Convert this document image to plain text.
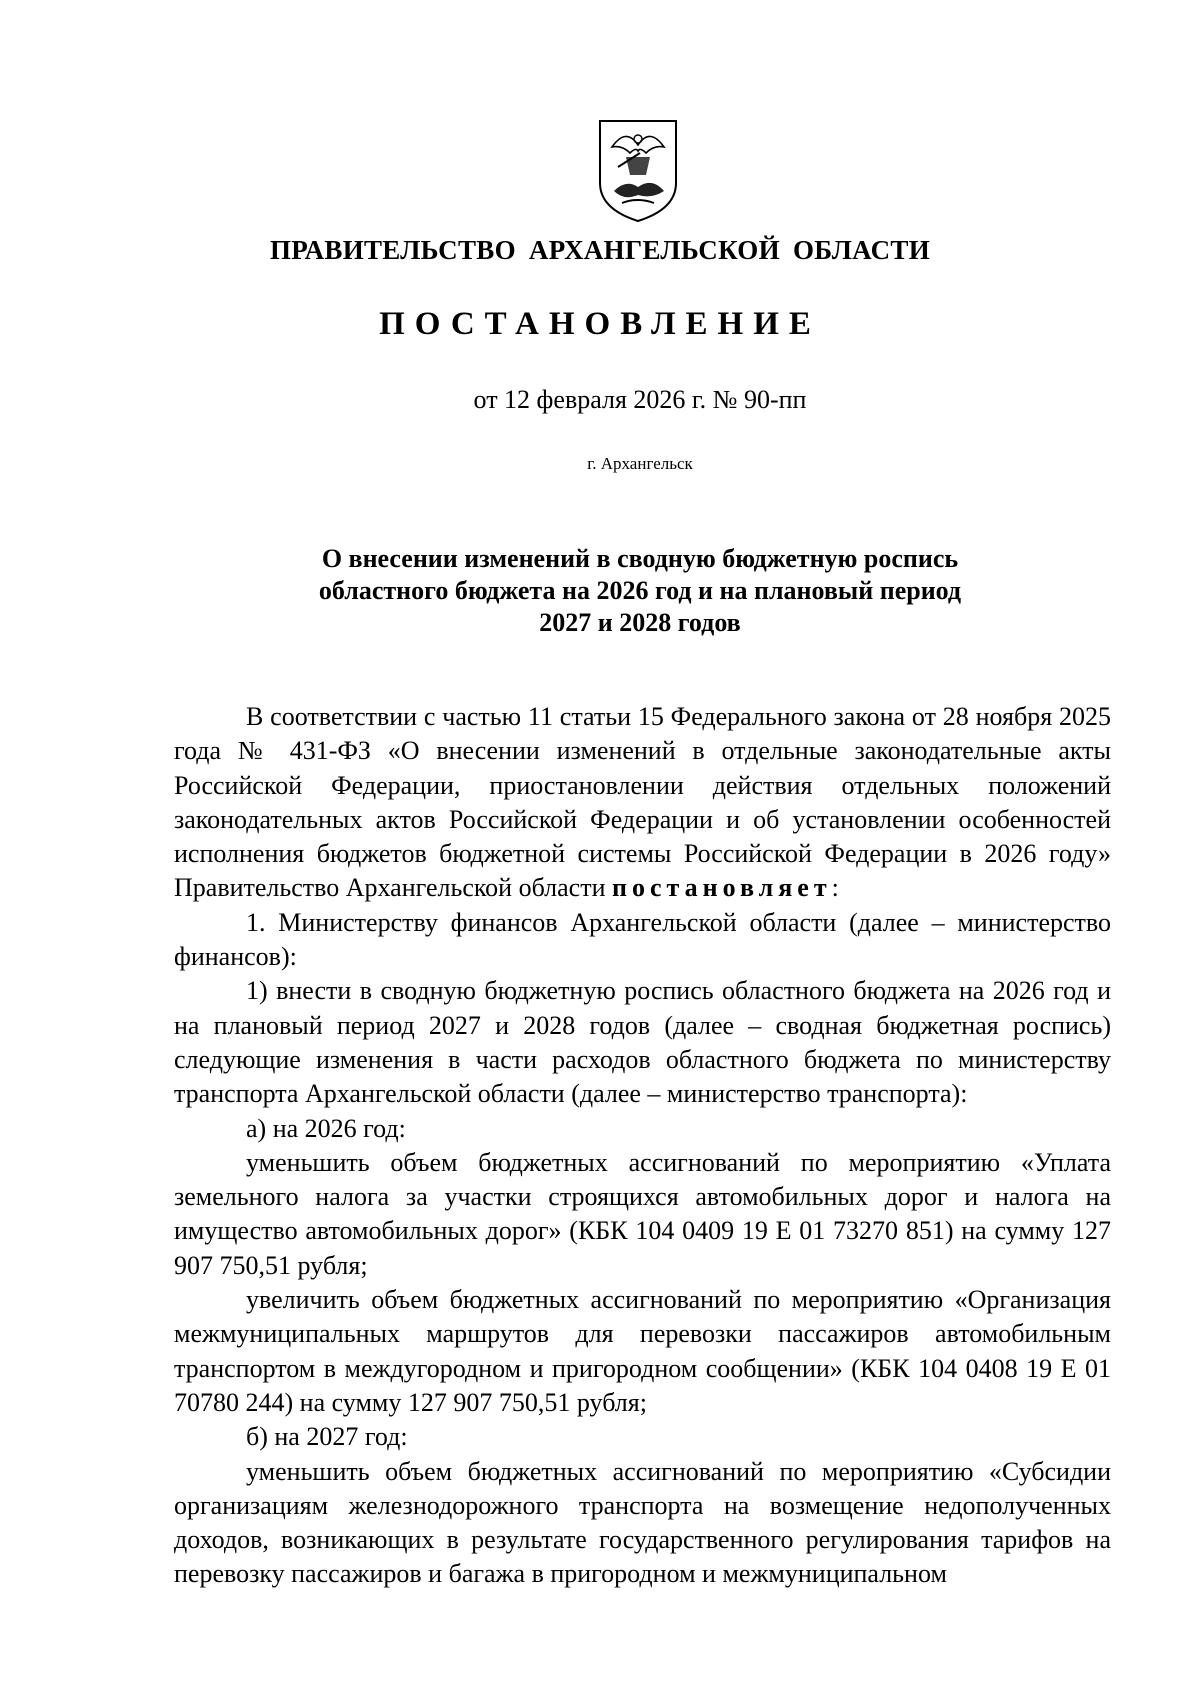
ПРАВИТЕЛЬСТВО АРХАНГЕЛЬСКОЙ ОБЛАСТИ
ПОСТАНОВЛЕНИЕ
от 12 февраля 2026 г. № 90-пп
г. Архангельск
О внесении изменений в сводную бюджетную роспись
областного бюджета на 2026 год и на плановый период
2027 и 2028 годов

В соответствии с частью 11 статьи 15 Федерального закона от 28 ноября 2025 года № 431-ФЗ «О внесении изменений в отдельные законодательные акты Российской Федерации, приостановлении действия отдельных положений законодательных актов Российской Федерации и об установлении особенностей исполнения бюджетов бюджетной системы Российской Федерации в 2026 году» Правительство Архангельской области постановляет:

1. Министерству финансов Архангельской области (далее – министерство финансов):

1) внести в сводную бюджетную роспись областного бюджета на 2026 год и на плановый период 2027 и 2028 годов (далее – сводная бюджетная роспись) следующие изменения в части расходов областного бюджета по министерству транспорта Архангельской области (далее – министерство транспорта):

а) на 2026 год:

уменьшить объем бюджетных ассигнований по мероприятию «Уплата земельного налога за участки строящихся автомобильных дорог и налога на имущество автомобильных дорог» (КБК 104 0409 19 Е 01 73270 851) на сумму 127 907 750,51 рубля;

увеличить объем бюджетных ассигнований по мероприятию «Организация межмуниципальных маршрутов для перевозки пассажиров автомобильным транспортом в междугородном и пригородном сообщении» (КБК 104 0408 19 Е 01 70780 244) на сумму 127 907 750,51 рубля;

б) на 2027 год:

уменьшить объем бюджетных ассигнований по мероприятию «Субсидии организациям железнодорожного транспорта на возмещение недополученных доходов, возникающих в результате государственного регулирования тарифов на перевозку пассажиров и багажа в пригородном и межмуниципальном
